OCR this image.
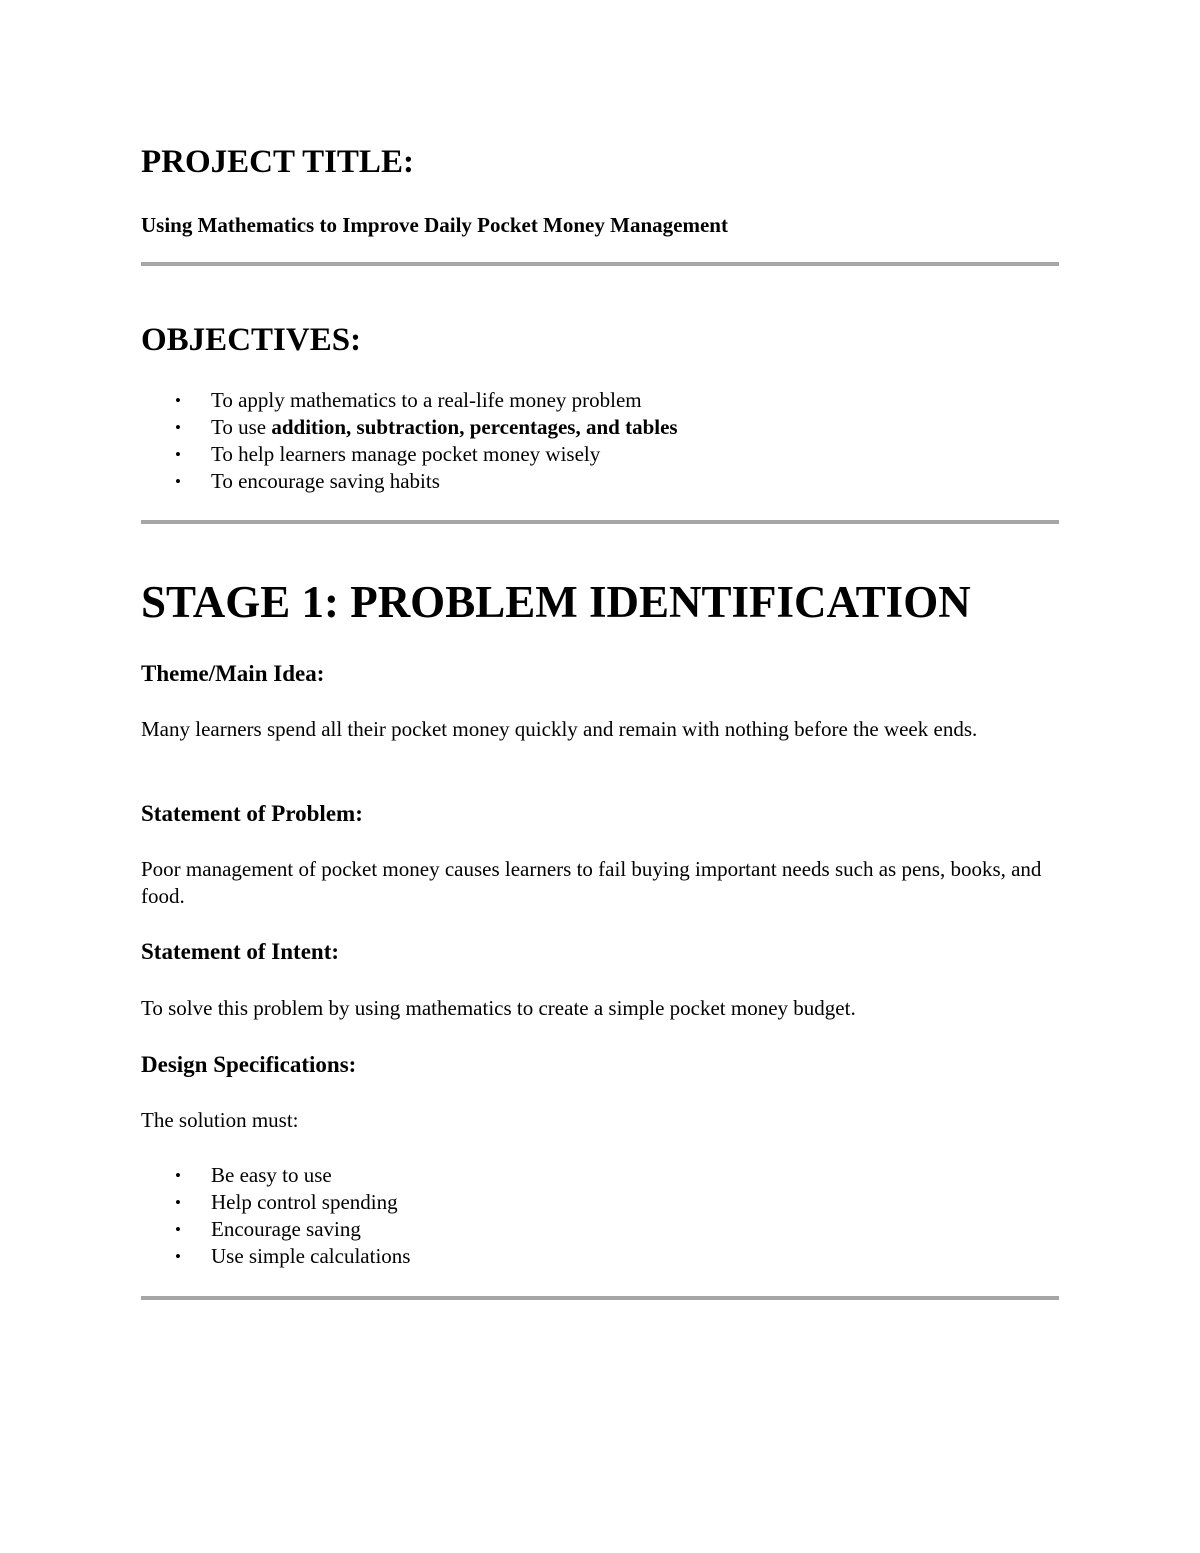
PROJECT TITLE:

Using Mathematics to Improve Daily Pocket Money Management

OBJECTIVES:
• To apply mathematics to a real-life money problem
• To use addition, subtraction, percentages, and tables
• To help learners manage pocket money wisely
• To encourage saving habits
STAGE 1: PROBLEM IDENTIFICATION
Theme/Main Idea:

Many learners spend all their pocket money quickly and remain with nothing before the week ends.

Statement of Problem:

Poor management of pocket money causes learners to fail buying important needs such as pens, books, and food.

Statement of Intent:

To solve this problem by using mathematics to create a simple pocket money budget.

Design Specifications:

The solution must:

• Be easy to use
• Help control spending
• Encourage saving
• Use simple calculations
